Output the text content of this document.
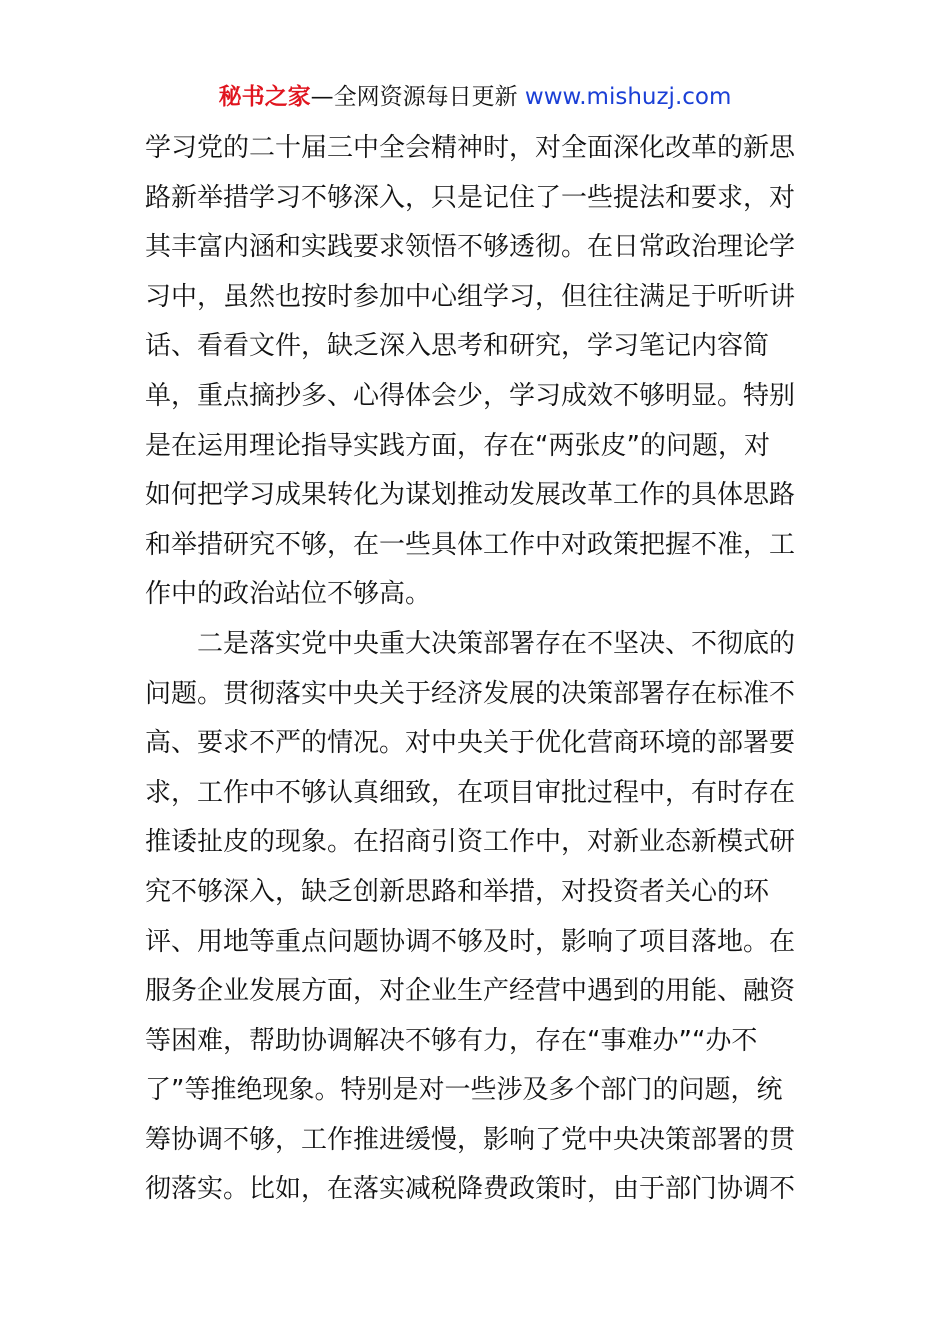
秘书之家—全网资源每日更新 www.mishuzj.com
学习党的二十届三中全会精神时，对全面深化改革的新思
路新举措学习不够深入，只是记住了一些提法和要求，对
其丰富内涵和实践要求领悟不够透彻。在日常政治理论学
习中，虽然也按时参加中心组学习，但往往满足于听听讲
话、看看文件，缺乏深入思考和研究，学习笔记内容简
单，重点摘抄多、心得体会少，学习成效不够明显。特别
是在运用理论指导实践方面，存在“两张皮”的问题，对
如何把学习成果转化为谋划推动发展改革工作的具体思路
和举措研究不够，在一些具体工作中对政策把握不准，工
作中的政治站位不够高。
　　二是落实党中央重大决策部署存在不坚决、不彻底的
问题。贯彻落实中央关于经济发展的决策部署存在标准不
高、要求不严的情况。对中央关于优化营商环境的部署要
求，工作中不够认真细致，在项目审批过程中，有时存在
推诿扯皮的现象。在招商引资工作中，对新业态新模式研
究不够深入，缺乏创新思路和举措，对投资者关心的环
评、用地等重点问题协调不够及时，影响了项目落地。在
服务企业发展方面，对企业生产经营中遇到的用能、融资
等困难，帮助协调解决不够有力，存在“事难办”“办不
了”等推绝现象。特别是对一些涉及多个部门的问题，统
筹协调不够，工作推进缓慢，影响了党中央决策部署的贯
彻落实。比如，在落实减税降费政策时，由于部门协调不
